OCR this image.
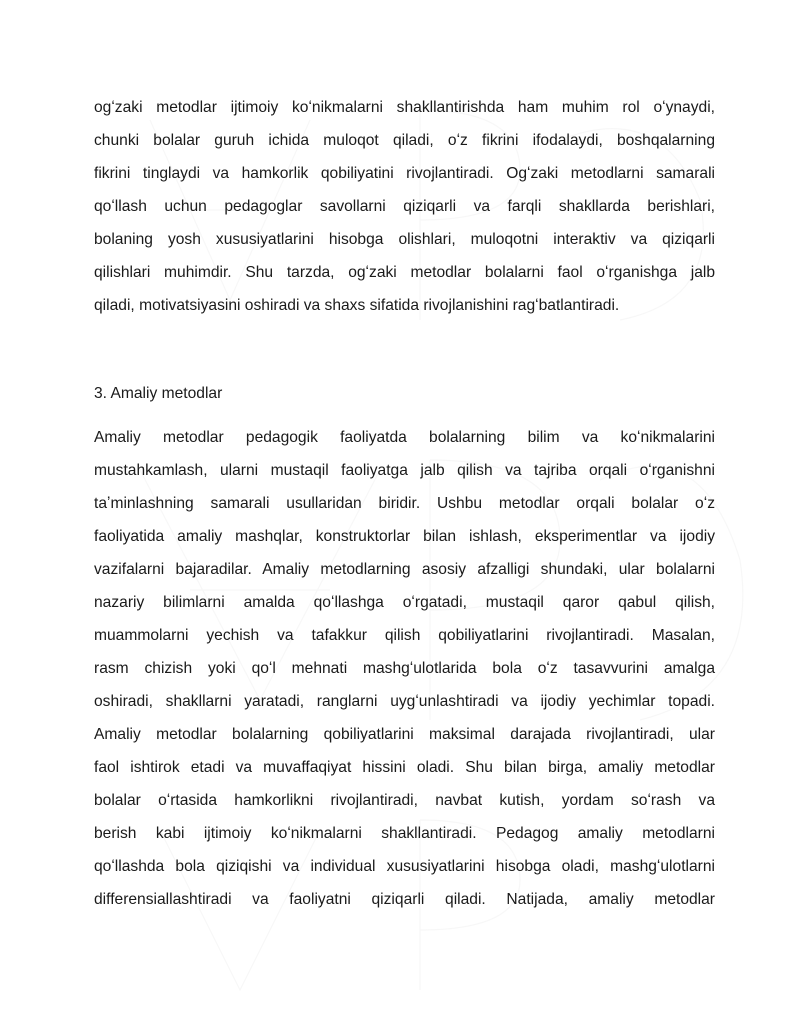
ogʻzaki metodlar ijtimoiy koʻnikmalarni shakllantirishda ham muhim rol oʻynaydi,
chunki bolalar guruh ichida muloqot qiladi, oʻz fikrini ifodalaydi, boshqalarning
fikrini tinglaydi va hamkorlik qobiliyatini rivojlantiradi. Ogʻzaki metodlarni samarali
qoʻllash uchun pedagoglar savollarni qiziqarli va farqli shakllarda berishlari,
bolaning yosh xususiyatlarini hisobga olishlari, muloqotni interaktiv va qiziqarli
qilishlari muhimdir. Shu tarzda, ogʻzaki metodlar bolalarni faol oʻrganishga jalb
qiladi, motivatsiyasini oshiradi va shaxs sifatida rivojlanishini ragʻbatlantiradi.
3. Amaliy metodlar
Amaliy metodlar pedagogik faoliyatda bolalarning bilim va koʻnikmalarini
mustahkamlash, ularni mustaqil faoliyatga jalb qilish va tajriba orqali oʻrganishni
taʼminlashning samarali usullaridan biridir. Ushbu metodlar orqali bolalar oʻz
faoliyatida amaliy mashqlar, konstruktorlar bilan ishlash, eksperimentlar va ijodiy
vazifalarni bajaradilar. Amaliy metodlarning asosiy afzalligi shundaki, ular bolalarni
nazariy bilimlarni amalda qoʻllashga oʻrgatadi, mustaqil qaror qabul qilish,
muammolarni yechish va tafakkur qilish qobiliyatlarini rivojlantiradi. Masalan,
rasm chizish yoki qoʻl mehnati mashgʻulotlarida bola oʻz tasavvurini amalga
oshiradi, shakllarni yaratadi, ranglarni uygʻunlashtiradi va ijodiy yechimlar topadi.
Amaliy metodlar bolalarning qobiliyatlarini maksimal darajada rivojlantiradi, ular
faol ishtirok etadi va muvaffaqiyat hissini oladi. Shu bilan birga, amaliy metodlar
bolalar oʻrtasida hamkorlikni rivojlantiradi, navbat kutish, yordam soʻrash va
berish kabi ijtimoiy koʻnikmalarni shakllantiradi. Pedagog amaliy metodlarni
qoʻllashda bola qiziqishi va individual xususiyatlarini hisobga oladi, mashgʻulotlarni
differensiallashtiradi va faoliyatni qiziqarli qiladi. Natijada, amaliy metodlar
